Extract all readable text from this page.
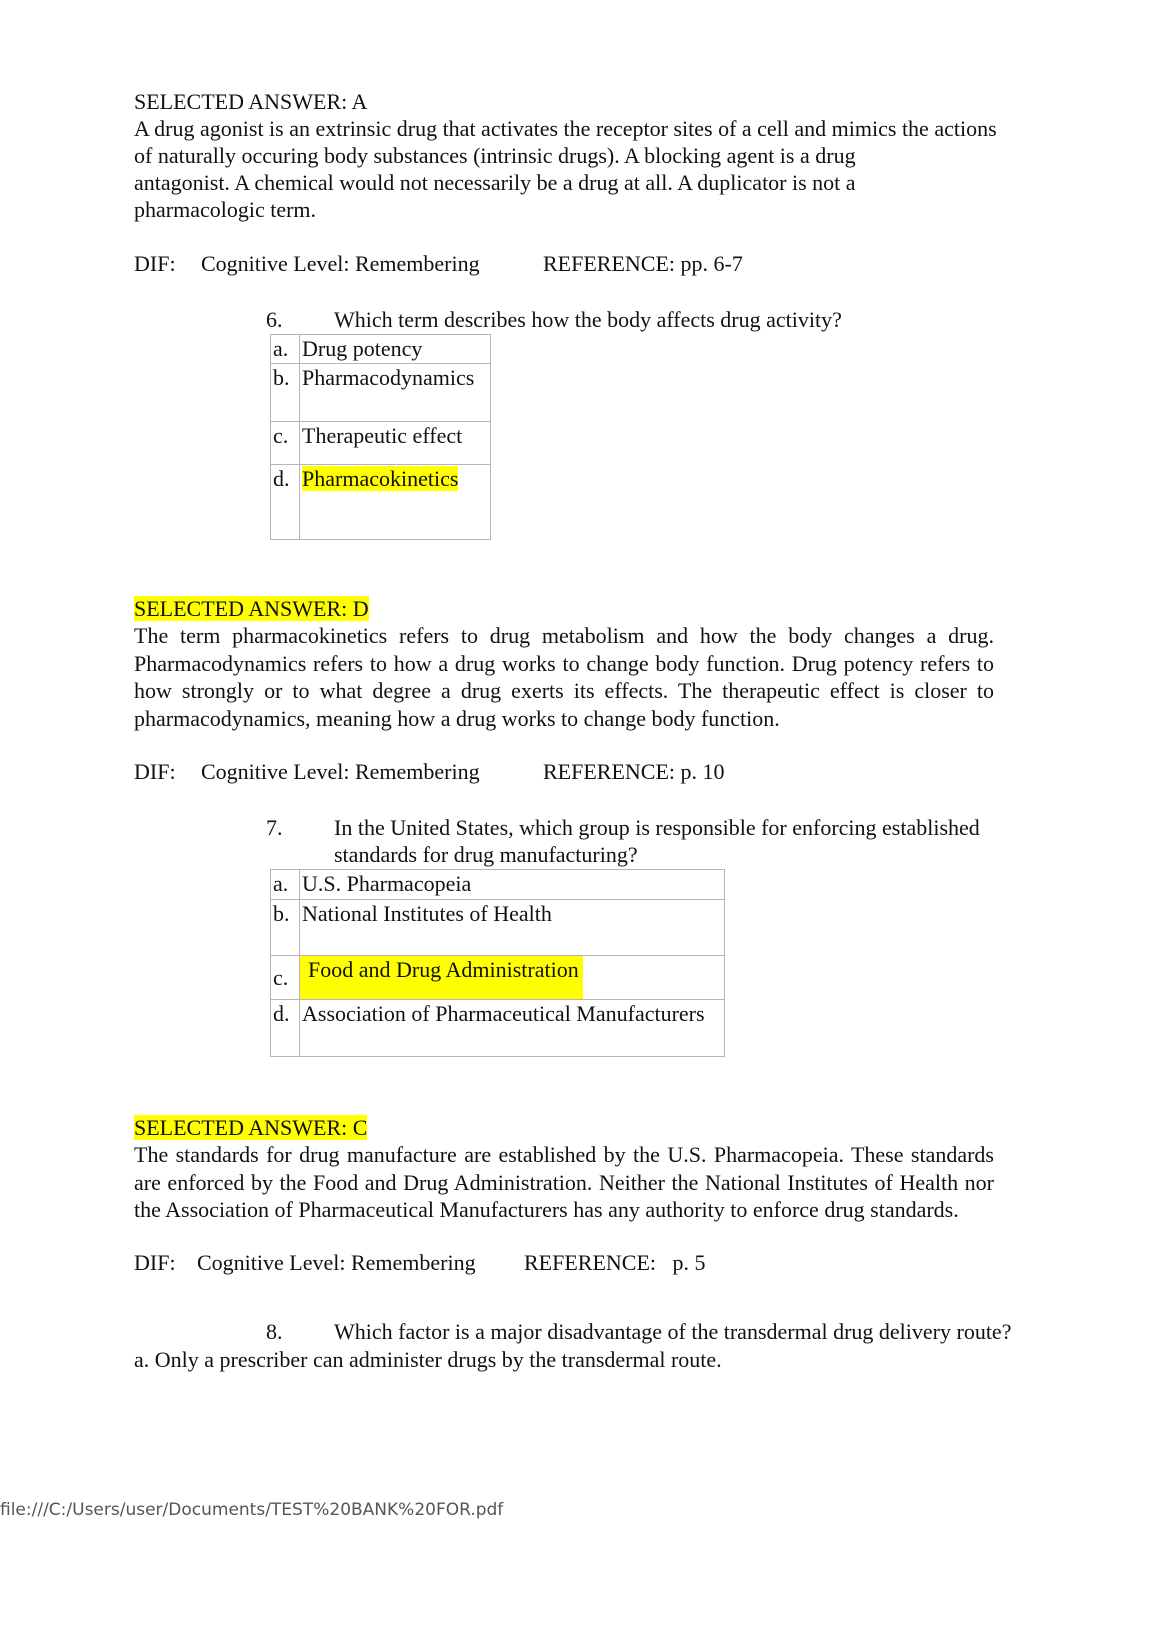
SELECTED ANSWER: A
A drug agonist is an extrinsic drug that activates the receptor sites of a cell and mimics the actions
of naturally occuring body substances (intrinsic drugs). A blocking agent is a drug
antagonist. A chemical would not necessarily be a drug at all. A duplicator is not a
pharmacologic term.
DIF: Cognitive Level: Remembering	REFERENCE: pp. 6-7
6. Which term describes how the body affects drug activity?
a.	Drug potency
b.	Pharmacodynamics
c.	Therapeutic effect
d.	Pharmacokinetics
SELECTED ANSWER: D
The term pharmacokinetics refers to drug metabolism and how the body changes a drug. Pharmacodynamics refers to how a drug works to change body function. Drug potency refers to how strongly or to what degree a drug exerts its effects. The therapeutic effect is closer to pharmacodynamics, meaning how a drug works to change body function.
DIF: Cognitive Level: Remembering	REFERENCE: p. 10
7. In the United States, which group is responsible for enforcing established
standards for drug manufacturing?
a.	U.S. Pharmacopeia
b.	National Institutes of Health
c.	Food and Drug Administration
d.	Association of Pharmaceutical Manufacturers
SELECTED ANSWER: C
The standards for drug manufacture are established by the U.S. Pharmacopeia. These standards are enforced by the Food and Drug Administration. Neither the National Institutes of Health nor the Association of Pharmaceutical Manufacturers has any authority to enforce drug standards.
DIF: Cognitive Level: Remembering REFERENCE:   p. 5
8. Which factor is a major disadvantage of the transdermal drug delivery route?
a. Only a prescriber can administer drugs by the transdermal route.
file:///C:/Users/user/Documents/TEST%20BANK%20FOR.pdf
